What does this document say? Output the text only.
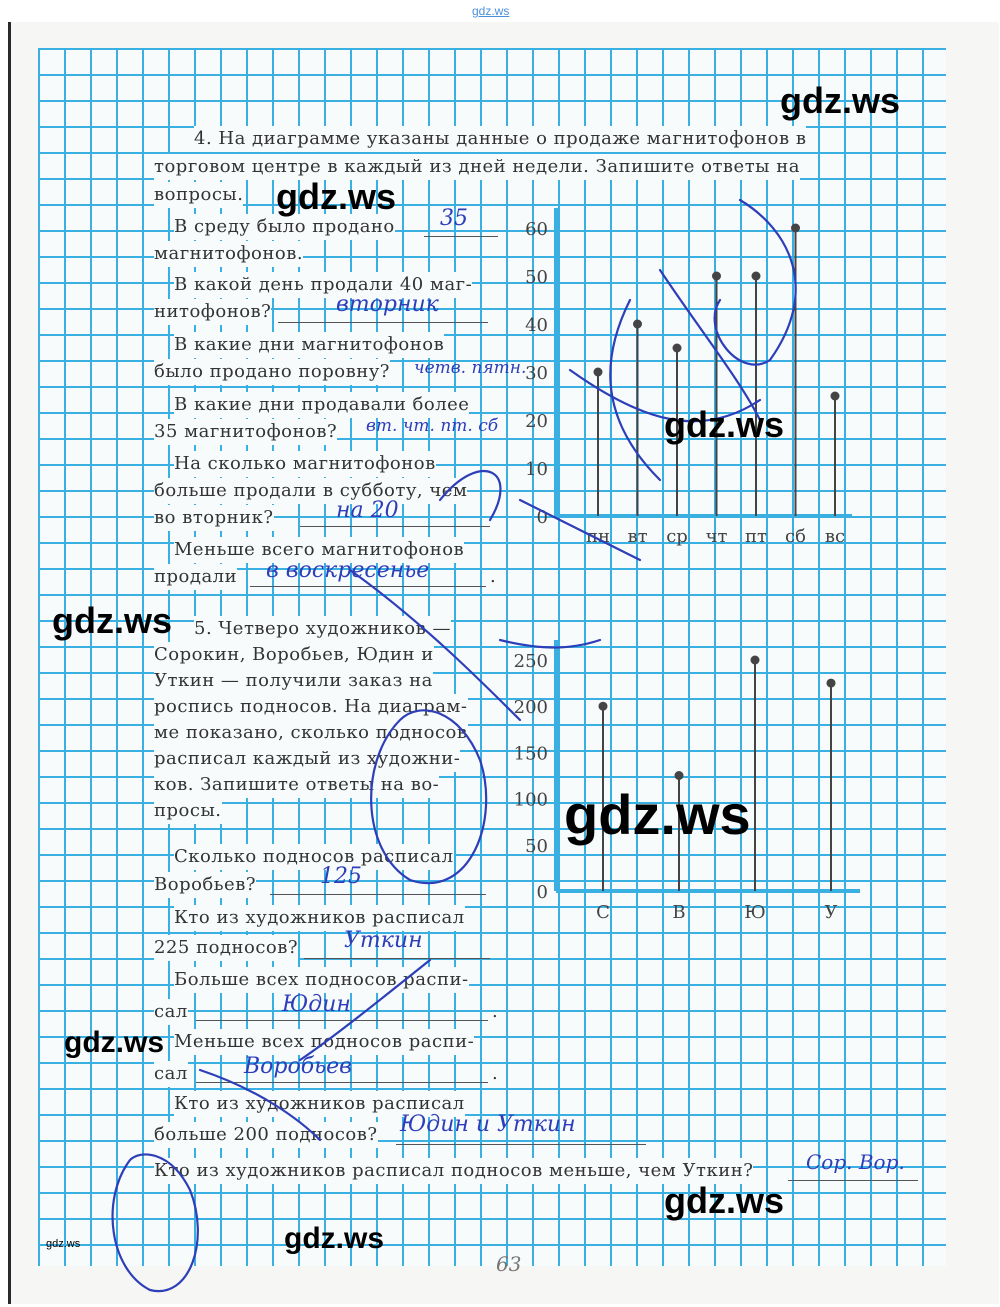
gdz.ws
4. На диаграмме указаны данные о продаже магнитофонов в
торговом центре в каждый из дней недели. Запишите ответы на
вопросы.
В среду было продано 35
магнитофонов.
В какой день продали 40 маг-
нитофонов?	вторник
В какие дни магнитофонов
было продано поровну? четв. пятн.
В какие дни продавали более
35 магнитофонов? вт. чт. пт. сб
На сколько магнитофонов
больше продали в субботу, чем
во вторник?	на 20
Меньше всего магнитофонов
продали в воскресенье	.
5. Четверо художников —
Сорокин, Воробьев, Юдин и
Уткин — получили заказ на
роспись подносов. На диаграм-
ме показано, сколько подносов
расписал каждый из художни-
ков. Запишите ответы на во-
просы.
Сколько подносов расписал
Воробьев?	125
Кто из художников расписал
225 подносов? Уткин
Больше всех подносов распи-
сал	Юдин	.
Меньше всех подносов распи-
сал	Воробьев	.
Кто из художников расписал
больше 200 подносов? Юдин и Уткин
Кто из художников расписал подносов меньше, чем Уткин?	Сор. Вор.
63
0
10
20
30
40
50
60
пн вт ср чт пт сб вс
0
50
100
150
200
250
С	В	Ю	У
gdz.ws
gdz.ws
gdz.ws
gdz.ws
gdz.ws
gdz.ws
gdz.ws
gdz.ws
gdz.ws
